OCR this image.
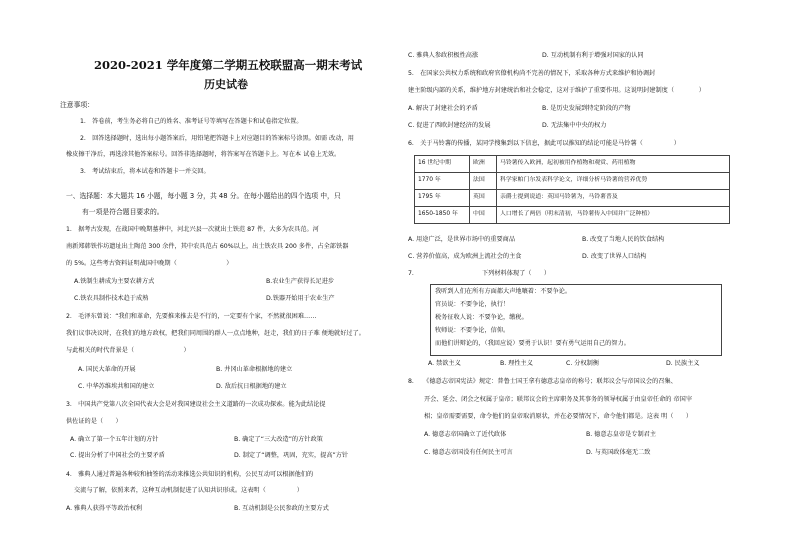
2020-2021 学年度第二学期五校联盟高一期末考试
历史试卷
注意事项：
1.　答卷前，考生务必将自己的姓名、准考证号等填写在答题卡和试卷指定位置。
2.　回答选择题时，选出每小题答案后，用铅笔把答题卡上对应题目的答案标号涂黑。如需 改动，用
橡皮擦干净后，再选涂其他答案标号。回答非选择题时，将答案写在答题卡上。写在本 试卷上无效。
3.　考试结束后，将本试卷和答题卡一并交回。
一、选择题：本大题共 16 小题，每小题 3 分，共 48 分。在每小题给出的四个选项 中，只
有一项是符合题目要求的。
1.　据考古发现，在战国中晚期墓葬中，河北兴县一次就出土铁范 87 件，大多为农具范。河
南新郑韩铁作坊遗址出土陶范 300 余件，其中农具范占 60%以上，出土铁农具 200 多件，占全部铁器
的 5%。这些考古资料证明战国中晚期（　　　　　　　　）
A.铁制生耕成为主要农耕方式	B.农业生产获得长足进步
C.铁农具制作技术趋于成熟	D.铁器开始用于农业生产
2.　毛泽东曾说：“我们和革命，先要推来推去是不行的，一定要有个家，不然就很困难……
我们议事决议时，在我们的地方政权，把我们同周围的群人一点点地种，赶走，我们的日子难 便地就好过了。
与此相关的时代背景是（　　　　　　　　）
A. 国民大革命的开展	B. 井冈山革命根据地的建立
C. 中华苏维埃共和国的建立	D. 敌后抗日根据地的建立
3.　中国共产党第八次全国代表大会是对我国建设社会主义道路的一次成功探索。能为此结论提
供佐证的是（　　）
A. 确立了第一个五年计划的方针	B. 确定了“三大改造”的方针政策
C. 提出分析了中国社会的主要矛盾	D. 制定了“调整，巩固，充实，提高”方针
4.　雅典人通过普遍各种较和抽签的活动来推选公共知识的机构，公民互动可以根据他们的
交流与了解，依照来者，这种互动机制促进了认知共识形成。这表明（　　　　　）
A. 雅典人获得平等政治权利	B. 互动机制是公民参政的主要方式
C. 雅典人参政积极性高涨	D. 互动机制有利于增强对国家的认同
5.　在国家公共权力系统和政府官僚机构尚不完善的情况下，采取各种方式来维护和协调封
建主阶级内部的关系，维护地方封建统治和社会稳定，这对于维护了重要作用。这说明封建制度（　　　　）
A. 解决了封建社会的矛盾	B. 是历史发展到特定阶段的产物
C. 促进了西欧封建经济的发展	D. 无法集中中央的权力
6.　关于马铃薯的传播，某同学搜集到以下信息，据此可以推知的结论可能是马铃薯（　　　　　）
16 世纪中期	欧洲	马铃薯传入欧洲，起初被用作植物和观赏、药用植物
1770 年	法国	科学家帕门尔发表科学论文，详细分析马铃薯的营养优势
1795 年	英国	亲爵士提到说道：英国马铃薯为，马铃薯普及
1650-1850 年	中国	人口增长了两倍（明末清初，马铃薯传入中国并广泛种植）
A. 用途广泛，是世界市场中的重要商品	B. 改变了当地人民的饮食结构
C. 营养价值高，成为欧洲上流社会的主食	D. 改变了世界人口结构
7.　　　　　　　　　　　下列材料体现了（　　）
我听到人们在所有方面都大声地嚷着：不要争论。
官员说：不要争论，执行！
税务征收人说：不要争论，缴税。
牧师说：不要争论，信仰。
而他们讲辩论的，（我回应说）要勇于认识！要有勇气运用自己的智力。
A. 禁欲主义	B. 理性主义	C. 分权制衡	D. 民族主义
8.　　《德意志帝国宪法》规定：普鲁士国王拿有德意志皇帝的称号；联邦议会与帝国议会的召集、
开会、延会、闭会之权属于皇帝；联邦议会的主席职务及其事务的领导权属于由皇帝任命的 帝国宰
相；皇帝需要需要，命令他们的皇帝取消原状，并在必要情况下，命令他们都是。这表 明（　　）
A. 德意志帝国确立了近代政体	B. 德意志皇帝是专制君主
C. 德意志帝国没有任何民主可言	D. 与英国政体毫无二致
